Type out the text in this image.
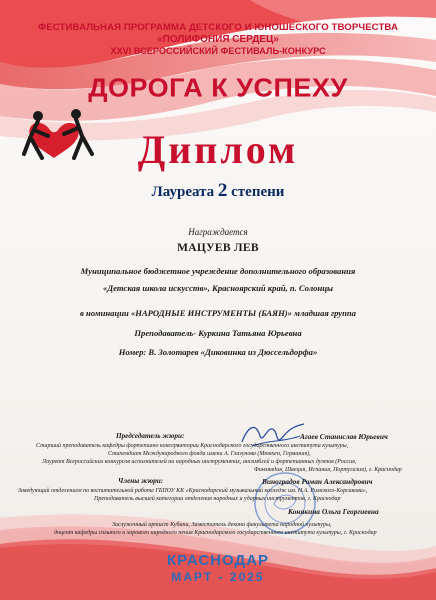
ФЕСТИВАЛЬНАЯ ПРОГРАММА ДЕТСКОГО И ЮНОШЕСКОГО ТВОРЧЕСТВА
«ПОЛИФОНИЯ СЕРДЕЦ»
XXVI ВСЕРОССИЙСКИЙ ФЕСТИВАЛЬ-КОНКУРС
ДОРОГА К УСПЕХУ
Диплом
Лауреата 2 степени
Награждается
МАЦУЕВ ЛЕВ
Муниципальное бюджетное учреждение дополнительного образования
«Детская школа искусств», Красноярский край, п. Солонцы
в номинации «НАРОДНЫЕ ИНСТРУМЕНТЫ (БАЯН)» младшая группа
Преподаватель- Куркина Татьяна Юрьевна
Номер: В. Золотарев «Диковинка из Дюссельдорфа»
Председатель жюри:	Агаев Станислав Юрьевич
Старший преподаватель кафедры фортепиано консерватории Краснодарского государственного института культуры,
Стипендиат Международного фонда имени А. Глазунова (Мюнхен, Германия),
Лауреат Всероссийских конкурсов исполнителей на народных инструментах, ансамблей и фортепианных дуэтов (Россия,
Финляндия, Швеция, Испания, Португалия), г. Краснодар
Члены жюри:	Виноградов Роман Александрович
Заведующий отделением по воспитательной работе ГБПОУ КК «Краснодарский музыкальный колледж им. Н.А. Римского-Корсакова»,
Преподаватель высшей категории отделения народных и ударных инструментов, г. Краснодар
Конякина Ольга Георгиевна
Заслуженный артист Кубани, Заместитель декана факультета народной культуры,
доцент кафедры сольного и хорового народного пения Краснодарского государственного института культуры, г. Краснодар
КРАСНОДАР
МАРТ - 2025
